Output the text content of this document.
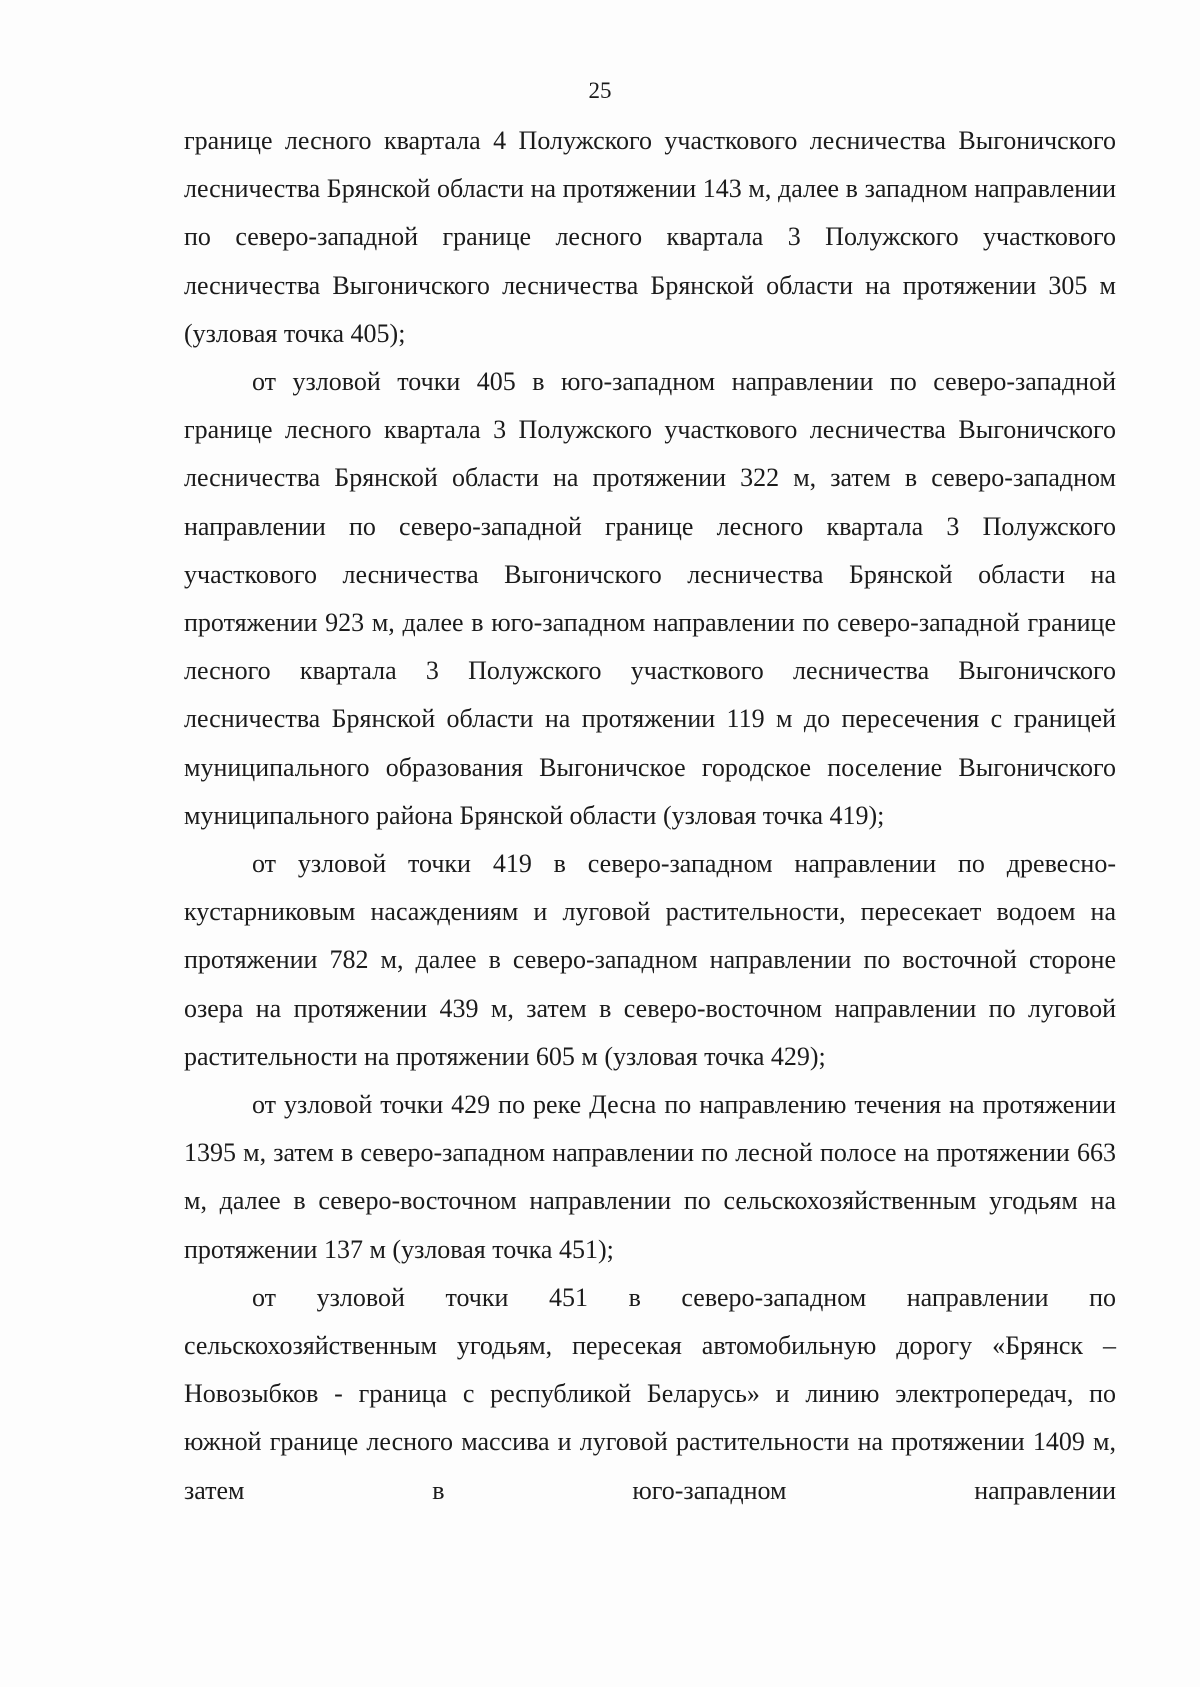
25

границе лесного квартала 4 Полужского участкового лесничества Выгоничского лесничества Брянской области на протяжении 143 м, далее в западном направлении по северо-западной границе лесного квартала 3 Полужского участкового лесничества Выгоничского лесничества Брянской области на протяжении 305 м (узловая точка 405);

от узловой точки 405 в юго-западном направлении по северо-западной границе лесного квартала 3 Полужского участкового лесничества Выгоничского лесничества Брянской области на протяжении 322 м, затем в северо-западном направлении по северо-западной границе лесного квартала 3 Полужского участкового лесничества Выгоничского лесничества Брянской области на протяжении 923 м, далее в юго-западном направлении по северо-западной границе лесного квартала 3 Полужского участкового лесничества Выгоничского лесничества Брянской области на протяжении 119 м до пересечения с границей муниципального образования Выгоничское городское поселение Выгоничского муниципального района Брянской области (узловая точка 419);

от узловой точки 419 в северо-западном направлении по древесно-кустарниковым насаждениям и луговой растительности, пересекает водоем на протяжении 782 м, далее в северо-западном направлении по восточной стороне озера на протяжении 439 м, затем в северо-восточном направлении по луговой растительности на протяжении 605 м (узловая точка 429);

от узловой точки 429 по реке Десна по направлению течения на протяжении 1395 м, затем в северо-западном направлении по лесной полосе на протяжении 663 м, далее в северо-восточном направлении по сельскохозяйственным угодьям на протяжении 137 м (узловая точка 451);

от узловой точки 451 в северо-западном направлении по сельскохозяйственным угодьям, пересекая автомобильную дорогу «Брянск – Новозыбков - граница с республикой Беларусь» и линию электропередач, по южной границе лесного массива и луговой растительности на протяжении 1409 м, затем в юго-западном направлении
